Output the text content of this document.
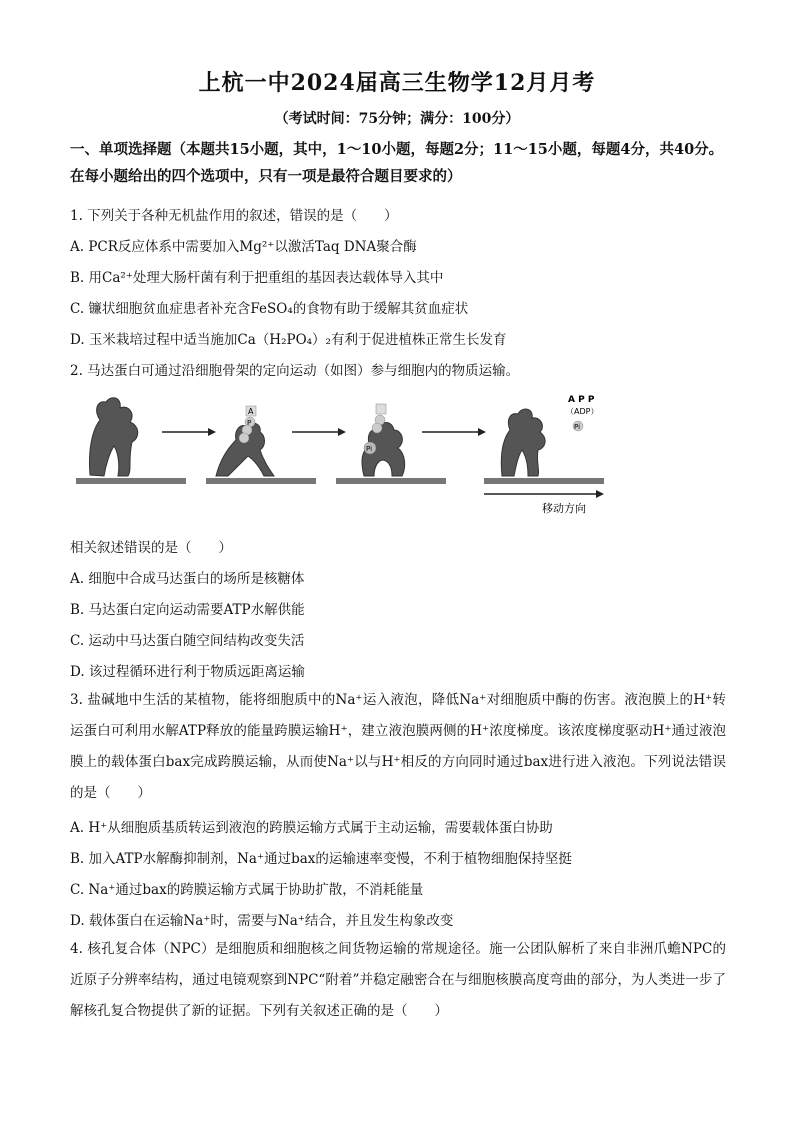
上杭一中2024届高三生物学12月月考
（考试时间：75分钟；满分：100分）
一、单项选择题（本题共15小题，其中，1～10小题，每题2分；11～15小题，每题4分，共40分。在每小题给出的四个选项中，只有一项是最符合题目要求的）
1. 下列关于各种无机盐作用的叙述，错误的是（　　）
A. PCR反应体系中需要加入Mg²⁺以激活Taq DNA聚合酶
B. 用Ca²⁺处理大肠杆菌有利于把重组的基因表达载体导入其中
C. 镰状细胞贫血症患者补充含FeSO₄的食物有助于缓解其贫血症状
D. 玉米栽培过程中适当施加Ca（H₂PO₄）₂有利于促进植株正常生长发育
2. 马达蛋白可通过沿细胞骨架的定向运动（如图）参与细胞内的物质运输。
A
P
Pi
A P P
（ADP）
Pi
移动方向
相关叙述错误的是（　　）
A. 细胞中合成马达蛋白的场所是核糖体
B. 马达蛋白定向运动需要ATP水解供能
C. 运动中马达蛋白随空间结构改变失活
D. 该过程循环进行利于物质远距离运输
3. 盐碱地中生活的某植物，能将细胞质中的Na⁺运入液泡，降低Na⁺对细胞质中酶的伤害。液泡膜上的H⁺转运蛋白可利用水解ATP释放的能量跨膜运输H⁺，建立液泡膜两侧的H⁺浓度梯度。该浓度梯度驱动H⁺通过液泡膜上的载体蛋白bax完成跨膜运输，从而使Na⁺以与H⁺相反的方向同时通过bax进行进入液泡。下列说法错误的是（　　）
A. H⁺从细胞质基质转运到液泡的跨膜运输方式属于主动运输，需要载体蛋白协助
B. 加入ATP水解酶抑制剂，Na⁺通过bax的运输速率变慢，不利于植物细胞保持坚挺
C. Na⁺通过bax的跨膜运输方式属于协助扩散，不消耗能量
D. 载体蛋白在运输Na⁺时，需要与Na⁺结合，并且发生构象改变
4. 核孔复合体（NPC）是细胞质和细胞核之间货物运输的常规途径。施一公团队解析了来自非洲爪蟾NPC的近原子分辨率结构，通过电镜观察到NPC“附着”并稳定融密合在与细胞核膜高度弯曲的部分，为人类进一步了解核孔复合物提供了新的证据。下列有关叙述正确的是（　　）
